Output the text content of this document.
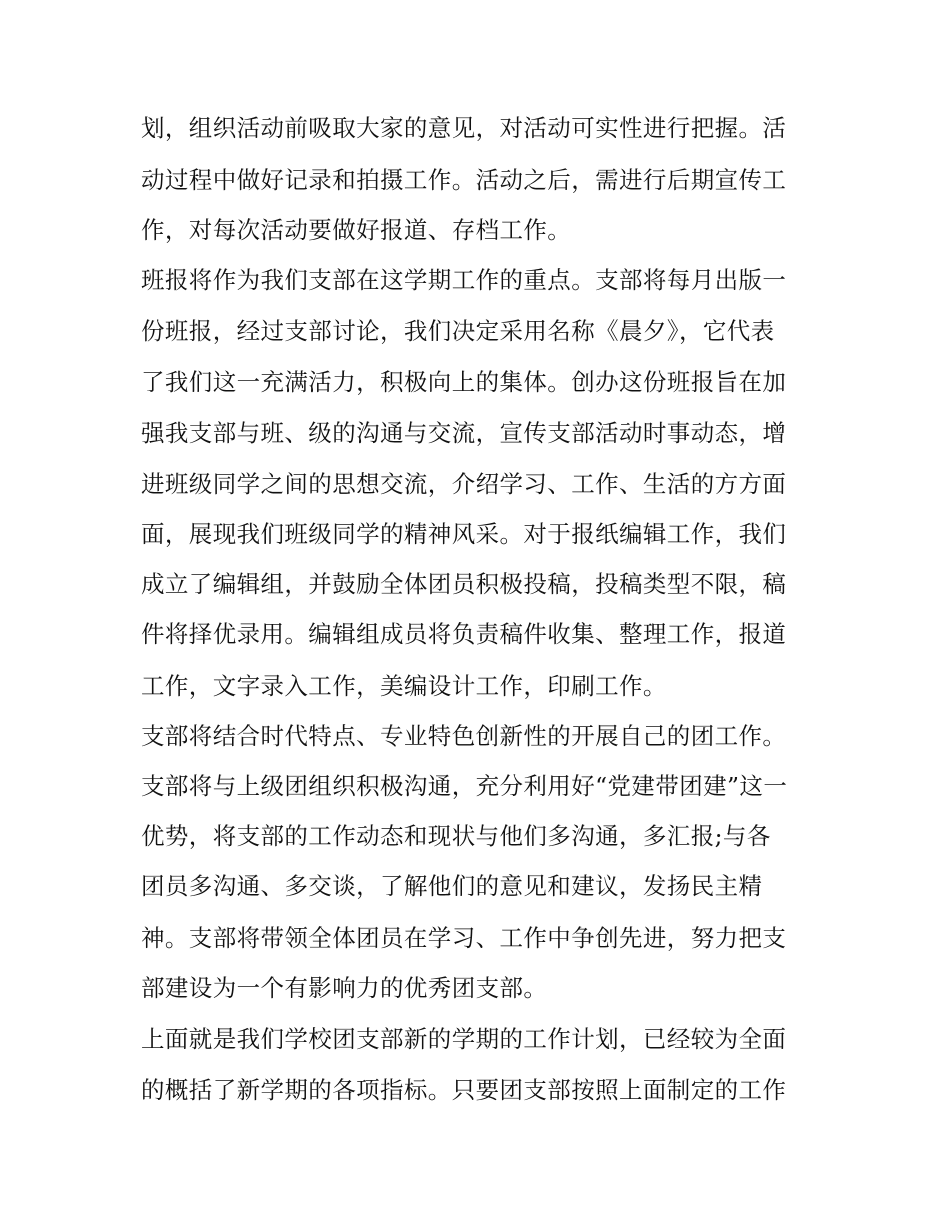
划，组织活动前吸取大家的意见，对活动可实性进行把握。活
动过程中做好记录和拍摄工作。活动之后，需进行后期宣传工
作，对每次活动要做好报道、存档工作。
班报将作为我们支部在这学期工作的重点。支部将每月出版一
份班报，经过支部讨论，我们决定采用名称《晨夕》，它代表
了我们这一充满活力，积极向上的集体。创办这份班报旨在加
强我支部与班、级的沟通与交流，宣传支部活动时事动态，增
进班级同学之间的思想交流，介绍学习、工作、生活的方方面
面，展现我们班级同学的精神风采。对于报纸编辑工作，我们
成立了编辑组，并鼓励全体团员积极投稿，投稿类型不限，稿
件将择优录用。编辑组成员将负责稿件收集、整理工作，报道
工作，文字录入工作，美编设计工作，印刷工作。
支部将结合时代特点、专业特色创新性的开展自己的团工作。
支部将与上级团组织积极沟通，充分利用好“党建带团建”这一
优势，将支部的工作动态和现状与他们多沟通，多汇报;与各
团员多沟通、多交谈，了解他们的意见和建议，发扬民主精
神。支部将带领全体团员在学习、工作中争创先进，努力把支
部建设为一个有影响力的优秀团支部。
上面就是我们学校团支部新的学期的工作计划，已经较为全面
的概括了新学期的各项指标。只要团支部按照上面制定的工作
